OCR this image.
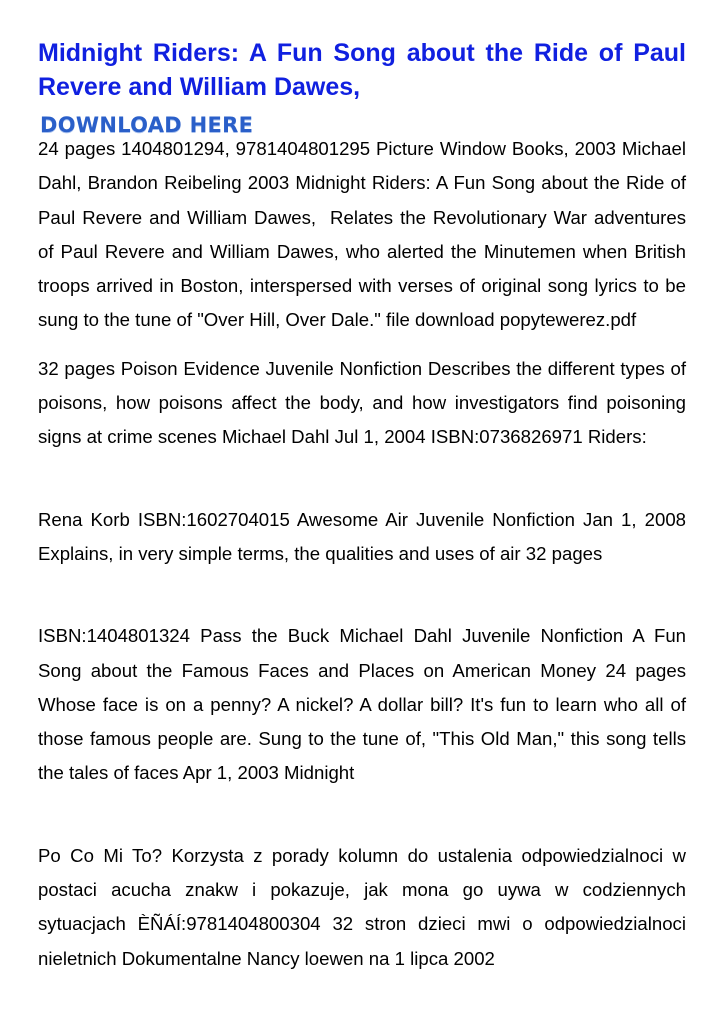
Midnight Riders: A Fun Song about the Ride of Paul Revere and William Dawes,
DOWNLOAD HERE

24 pages 1404801294, 9781404801295 Picture Window Books, 2003 Michael Dahl, Brandon Reibeling 2003 Midnight Riders: A Fun Song about the Ride of Paul Revere and William Dawes,  Relates the Revolutionary War adventures of Paul Revere and William Dawes, who alerted the Minutemen when British troops arrived in Boston, interspersed with verses of original song lyrics to be sung to the tune of "Over Hill, Over Dale." file download popytewerez.pdf

32 pages Poison Evidence Juvenile Nonfiction Describes the different types of poisons, how poisons affect the body, and how investigators find poisoning signs at crime scenes Michael Dahl Jul 1, 2004 ISBN:0736826971 Riders:

Rena Korb ISBN:1602704015 Awesome Air Juvenile Nonfiction Jan 1, 2008 Explains, in very simple terms, the qualities and uses of air 32 pages

ISBN:1404801324 Pass the Buck Michael Dahl Juvenile Nonfiction A Fun Song about the Famous Faces and Places on American Money 24 pages Whose face is on a penny? A nickel? A dollar bill? It's fun to learn who all of those famous people are. Sung to the tune of, "This Old Man," this song tells the tales of faces Apr 1, 2003 Midnight

Po Co Mi To? Korzysta z porady kolumn do ustalenia odpowiedzialnoci w postaci acucha znakw i pokazuje, jak mona go uywa w codziennych sytuacjach ÈÑÁÍ:9781404800304 32 stron dzieci mwi o odpowiedzialnoci nieletnich Dokumentalne Nancy loewen na 1 lipca 2002
